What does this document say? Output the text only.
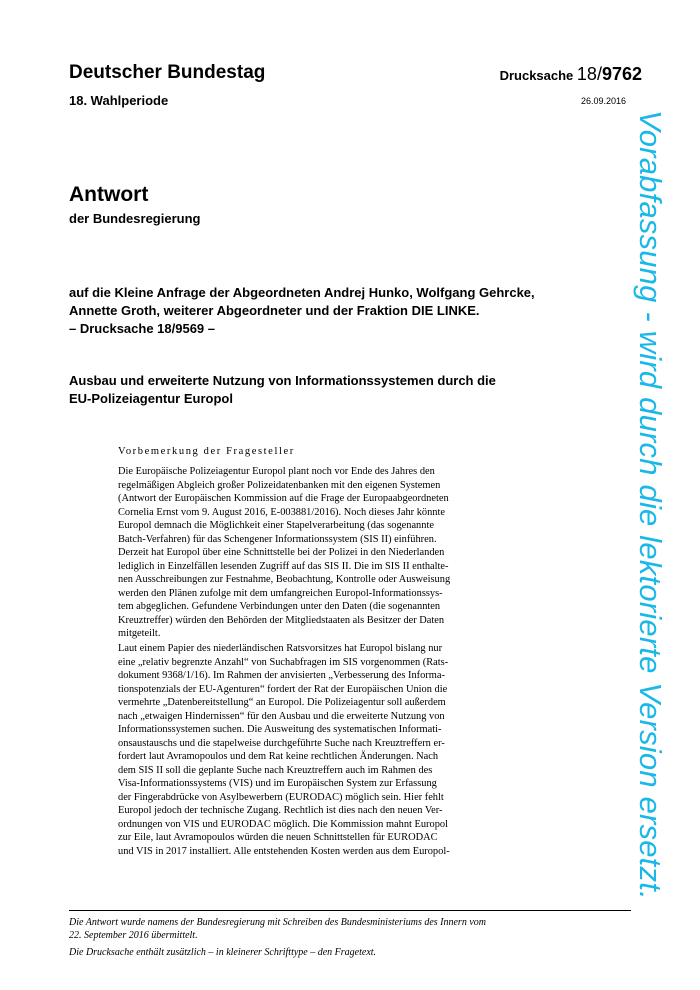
Deutscher Bundestag
18. Wahlperiode
Drucksache 18/9762
26.09.2016
Antwort
der Bundesregierung
auf die Kleine Anfrage der Abgeordneten Andrej Hunko, Wolfgang Gehrcke,
Annette Groth, weiterer Abgeordneter und der Fraktion DIE LINKE.
– Drucksache 18/9569 –
Ausbau und erweiterte Nutzung von Informationssystemen durch die
EU-Polizeiagentur Europol
Vorbemerkung der Fragesteller
Die Europäische Polizeiagentur Europol plant noch vor Ende des Jahres den
regelmäßigen Abgleich großer Polizeidatenbanken mit den eigenen Systemen
(Antwort der Europäischen Kommission auf die Frage der Europaabgeordneten
Cornelia Ernst vom 9. August 2016, E-003881/2016). Noch dieses Jahr könnte
Europol demnach die Möglichkeit einer Stapelverarbeitung (das sogenannte
Batch-Verfahren) für das Schengener Informationssystem (SIS II) einführen.
Derzeit hat Europol über eine Schnittstelle bei der Polizei in den Niederlanden
lediglich in Einzelfällen lesenden Zugriff auf das SIS II. Die im SIS II enthalte-
nen Ausschreibungen zur Festnahme, Beobachtung, Kontrolle oder Ausweisung
werden den Plänen zufolge mit dem umfangreichen Europol-Informationssys-
tem abgeglichen. Gefundene Verbindungen unter den Daten (die sogenannten
Kreuztreffer) würden den Behörden der Mitgliedstaaten als Besitzer der Daten
mitgeteilt.
Laut einem Papier des niederländischen Ratsvorsitzes hat Europol bislang nur
eine „relativ begrenzte Anzahl“ von Suchabfragen im SIS vorgenommen (Rats-
dokument 9368/1/16). Im Rahmen der anvisierten „Verbesserung des Informa-
tionspotenzials der EU-Agenturen“ fordert der Rat der Europäischen Union die
vermehrte „Datenbereitstellung“ an Europol. Die Polizeiagentur soll außerdem
nach „etwaigen Hindernissen“ für den Ausbau und die erweiterte Nutzung von
Informationssystemen suchen. Die Ausweitung des systematischen Informati-
onsaustauschs und die stapelweise durchgeführte Suche nach Kreuztreffern er-
fordert laut Avramopoulos und dem Rat keine rechtlichen Änderungen. Nach
dem SIS II soll die geplante Suche nach Kreuztreffern auch im Rahmen des
Visa-Informationssystems (VIS) und im Europäischen System zur Erfassung
der Fingerabdrücke von Asylbewerbern (EURODAC) möglich sein. Hier fehlt
Europol jedoch der technische Zugang. Rechtlich ist dies nach den neuen Ver-
ordnungen von VIS und EURODAC möglich. Die Kommission mahnt Europol
zur Eile, laut Avramopoulos würden die neuen Schnittstellen für EURODAC
und VIS in 2017 installiert. Alle entstehenden Kosten werden aus dem Europol-
Die Antwort wurde namens der Bundesregierung mit Schreiben des Bundesministeriums des Innern vom
22. September 2016 übermittelt.
Die Drucksache enthält zusätzlich – in kleinerer Schrifttype – den Fragetext.
Vorabfassung - wird durch die lektorierte Version ersetzt.
